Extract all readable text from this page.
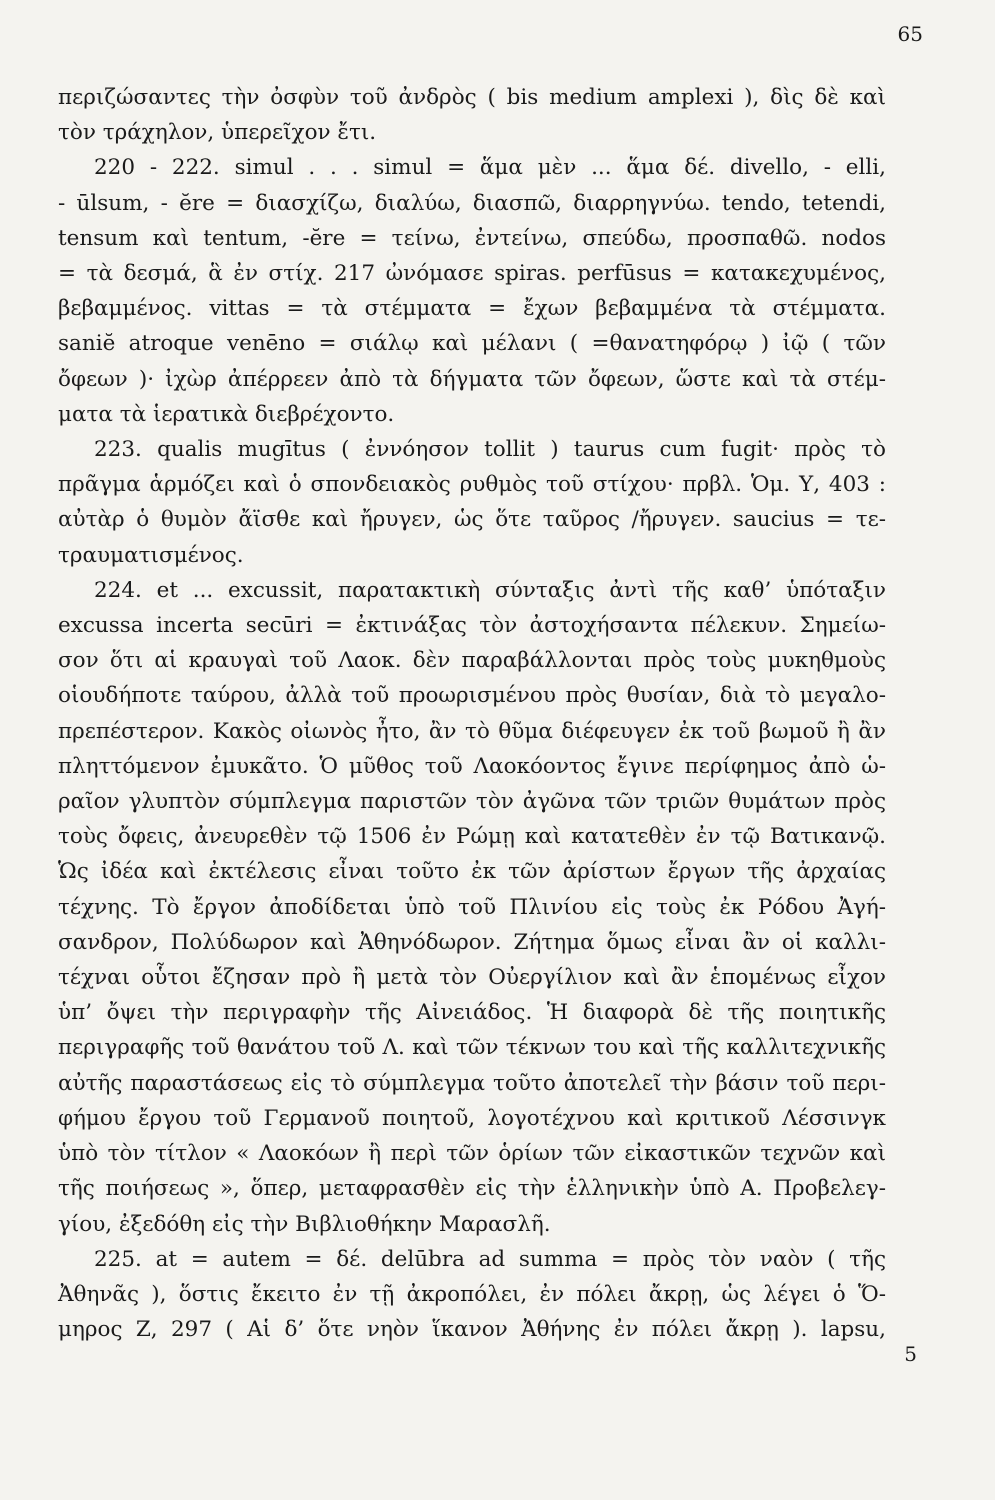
65
περιζώσαντες τὴν ὀσφὺν τοῦ ἀνδρὸς ( bis medium amplexi ), δὶς δὲ καὶ
τὸν τράχηλον, ὑπερεῖχον ἔτι.
220 - 222. simul . . . simul = ἅμα μὲν ... ἅμα δέ. divello, - elli,
- ūlsum, - ĕre = διασχίζω, διαλύω, διασπῶ, διαρρηγνύω. tendo, tetendi,
tensum καὶ tentum, -ĕre = τείνω, ἐντείνω, σπεύδω, προσπαθῶ. nodos
= τὰ δεσμά, ἃ ἐν στίχ. 217 ὠνόμασε spiras. perfūsus = κατακεχυμένος,
βεβαμμένος. vittas = τὰ στέμματα = ἔχων βεβαμμένα τὰ στέμματα.
saniĕ atroque venēno = σιάλῳ καὶ μέλανι ( =θανατηφόρῳ ) ἰῷ ( τῶν
ὄφεων )· ἰχὼρ ἀπέρρεεν ἀπὸ τὰ δήγματα τῶν ὄφεων, ὥστε καὶ τὰ στέμ-
ματα τὰ ἱερατικὰ διεβρέχοντο.
223. qualis mugītus ( ἐννόησον tollit ) taurus cum fugit· πρὸς τὸ
πρᾶγμα ἁρμόζει καὶ ὁ σπονδειακὸς ρυθμὸς τοῦ στίχου· πρβλ. Ὁμ. Υ, 403 :
αὐτὰρ ὁ θυμὸν ἄϊσθε καὶ ἤρυγεν, ὡς ὅτε ταῦρος /ἤρυγεν. saucius = τε-
τραυματισμένος.
224. et ... excussit, παρατακτικὴ σύνταξις ἀντὶ τῆς καθ’ ὑπόταξιν
excussa incerta secūri = ἐκτινάξας τὸν ἀστοχήσαντα πέλεκυν. Σημείω-
σον ὅτι αἱ κραυγαὶ τοῦ Λαοκ. δὲν παραβάλλονται πρὸς τοὺς μυκηθμοὺς
οἱουδήποτε ταύρου, ἀλλὰ τοῦ προωρισμένου πρὸς θυσίαν, διὰ τὸ μεγαλο-
πρεπέστερον. Κακὸς οἰωνὸς ἦτο, ἂν τὸ θῦμα διέφευγεν ἐκ τοῦ βωμοῦ ἢ ἂν
πληττόμενον ἐμυκᾶτο. Ὁ μῦθος τοῦ Λαοκόοντος ἔγινε περίφημος ἀπὸ ὡ-
ραῖον γλυπτὸν σύμπλεγμα παριστῶν τὸν ἀγῶνα τῶν τριῶν θυμάτων πρὸς
τοὺς ὄφεις, ἀνευρεθὲν τῷ 1506 ἐν Ρώμῃ καὶ κατατεθὲν ἐν τῷ Βατικανῷ.
Ὡς ἰδέα καὶ ἐκτέλεσις εἶναι τοῦτο ἐκ τῶν ἀρίστων ἔργων τῆς ἀρχαίας
τέχνης. Τὸ ἔργον ἀποδίδεται ὑπὸ τοῦ Πλινίου εἰς τοὺς ἐκ Ρόδου Ἀγή-
σανδρον, Πολύδωρον καὶ Ἀθηνόδωρον. Ζήτημα ὅμως εἶναι ἂν οἱ καλλι-
τέχναι οὗτοι ἔζησαν πρὸ ἢ μετὰ τὸν Οὐεργίλιον καὶ ἂν ἑπομένως εἶχον
ὑπ’ ὄψει τὴν περιγραφὴν τῆς Αἰνειάδος. Ἡ διαφορὰ δὲ τῆς ποιητικῆς
περιγραφῆς τοῦ θανάτου τοῦ Λ. καὶ τῶν τέκνων του καὶ τῆς καλλιτεχνικῆς
αὐτῆς παραστάσεως εἰς τὸ σύμπλεγμα τοῦτο ἀποτελεῖ τὴν βάσιν τοῦ περι-
φήμου ἔργου τοῦ Γερμανοῦ ποιητοῦ, λογοτέχνου καὶ κριτικοῦ Λέσσινγκ
ὑπὸ τὸν τίτλον « Λαοκόων ἢ περὶ τῶν ὁρίων τῶν εἰκαστικῶν τεχνῶν καὶ
τῆς ποιήσεως », ὅπερ, μεταφρασθὲν εἰς τὴν ἑλληνικὴν ὑπὸ Α. Προβελεγ-
γίου, ἐξεδόθη εἰς τὴν Βιβλιοθήκην Μαρασλῆ.
225. at = autem = δέ. delūbra ad summa = πρὸς τὸν ναὸν ( τῆς
Ἀθηνᾶς ), ὅστις ἔκειτο ἐν τῇ ἀκροπόλει, ἐν πόλει ἄκρῃ, ὡς λέγει ὁ Ὅ-
μηρος Ζ, 297 ( Αἱ δ’ ὅτε νηὸν ἵκανον Ἀθήνης ἐν πόλει ἄκρῃ ). lapsu,
5
